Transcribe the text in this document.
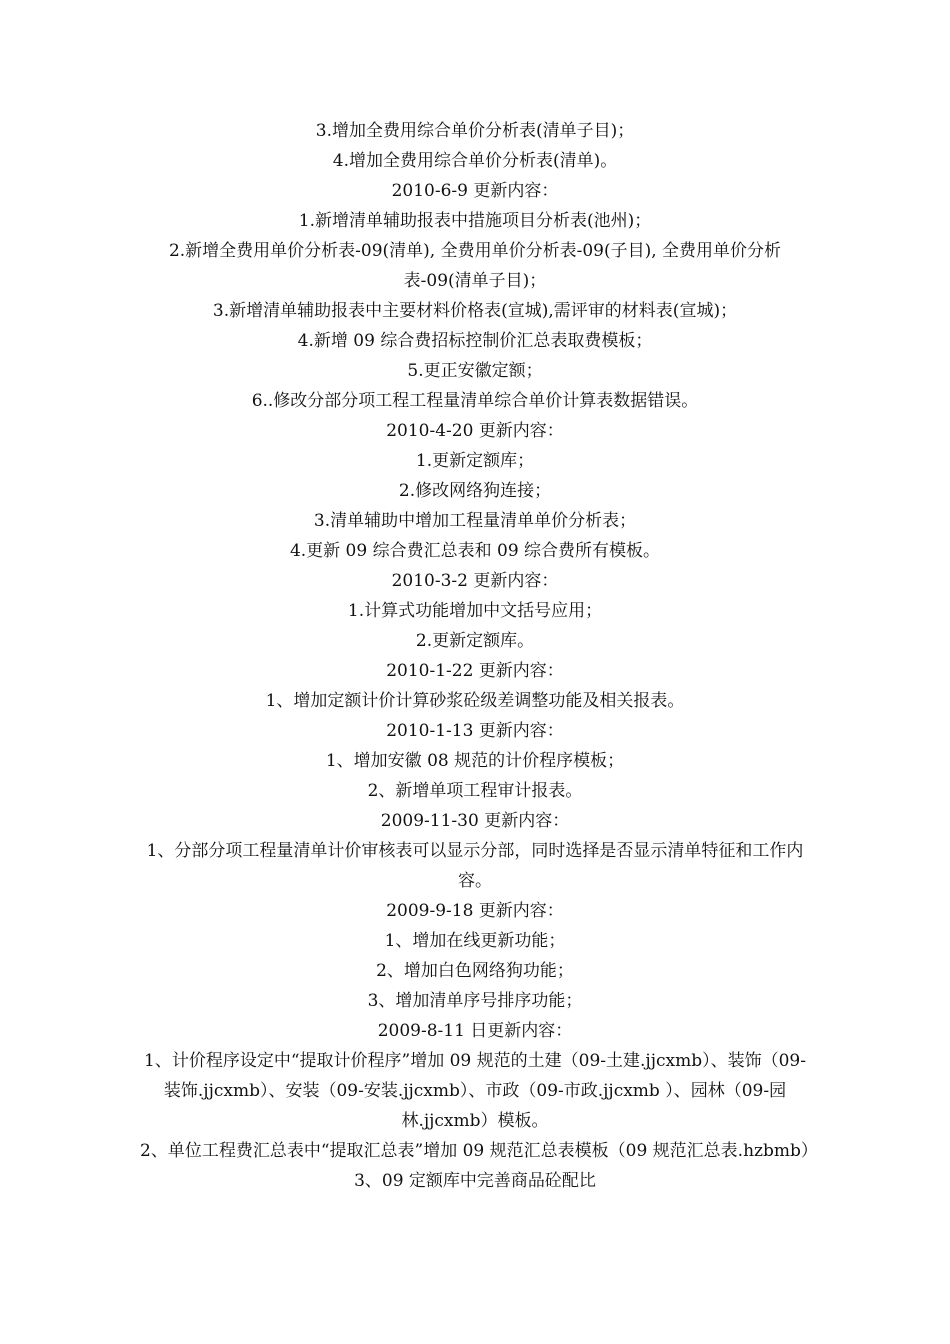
3.增加全费用综合单价分析表(清单子目)；

4.增加全费用综合单价分析表(清单)。

2010-6-9 更新内容：

1.新增清单辅助报表中措施项目分析表(池州)；

2.新增全费用单价分析表-09(清单), 全费用单价分析表-09(子目), 全费用单价分析表-09(清单子目)；

3.新增清单辅助报表中主要材料价格表(宣城),需评审的材料表(宣城)；

4.新增 09 综合费招标控制价汇总表取费模板；

5.更正安徽定额；

6..修改分部分项工程工程量清单综合单价计算表数据错误。

2010-4-20 更新内容：

1.更新定额库；

2.修改网络狗连接；

3.清单辅助中增加工程量清单单价分析表；

4.更新 09 综合费汇总表和 09 综合费所有模板。

2010-3-2 更新内容：

1.计算式功能增加中文括号应用；

2.更新定额库。

2010-1-22 更新内容：

1、增加定额计价计算砂浆砼级差调整功能及相关报表。

2010-1-13 更新内容：

1、增加安徽 08 规范的计价程序模板；

2、新增单项工程审计报表。

2009-11-30 更新内容：

1、分部分项工程量清单计价审核表可以显示分部，同时选择是否显示清单特征和工作内容。

2009-9-18 更新内容：

1、增加在线更新功能；

2、增加白色网络狗功能；

3、增加清单序号排序功能；

2009-8-11 日更新内容：

1、计价程序设定中“提取计价程序”增加 09 规范的土建（09-土建.jjcxmb）、装饰（09-装饰.jjcxmb）、安装（09-安装.jjcxmb）、市政（09-市政.jjcxmb ）、园林（09-园林.jjcxmb）模板。

2、单位工程费汇总表中“提取汇总表”增加 09 规范汇总表模板（09 规范汇总表.hzbmb）

3、09 定额库中完善商品砼配比
